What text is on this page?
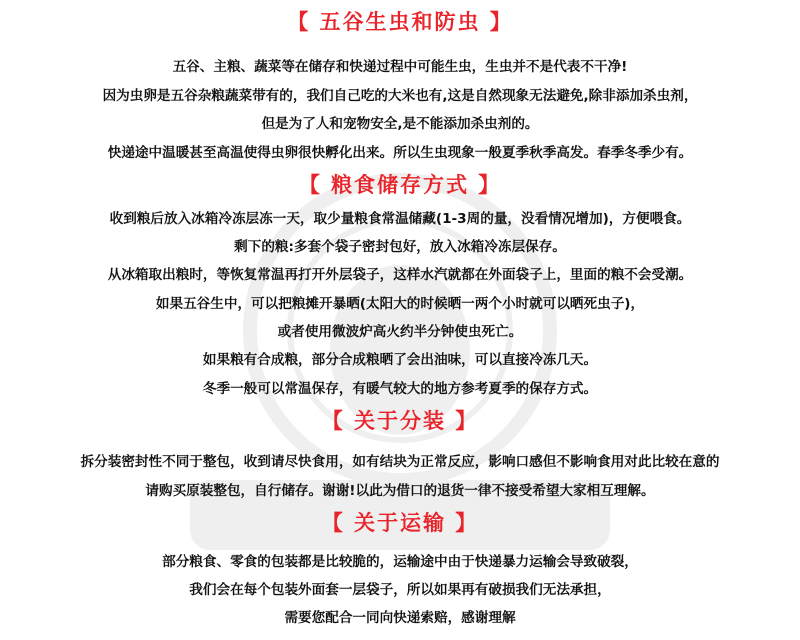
【 五谷生虫和防虫 】
五谷、主粮、蔬菜等在储存和快递过程中可能生虫，生虫并不是代表不干净!
因为虫卵是五谷杂粮蔬菜带有的，我们自己吃的大米也有,这是自然现象无法避免,除非添加杀虫剂，
但是为了人和宠物安全,是不能添加杀虫剂的。
快递途中温暖甚至高温使得虫卵很快孵化出来。所以生虫现象一般夏季秋季高发。春季冬季少有。
【 粮食储存方式 】
收到粮后放入冰箱冷冻层冻一天，取少量粮食常温储藏(1-3周的量，没看情况增加)，方便喂食。
剩下的粮:多套个袋子密封包好，放入冰箱冷冻层保存。
从冰箱取出粮时，等恢复常温再打开外层袋子，这样水汽就都在外面袋子上，里面的粮不会受潮。
如果五谷生中，可以把粮摊开暴晒(太阳大的时候晒一两个小时就可以晒死虫子)，
或者使用微波炉高火约半分钟使虫死亡。
如果粮有合成粮，部分合成粮晒了会出油味，可以直接冷冻几天。
冬季一般可以常温保存，有暖气较大的地方参考夏季的保存方式。
【 关于分装 】
拆分装密封性不同于整包，收到请尽快食用，如有结块为正常反应，影响口感但不影响食用对此比较在意的
请购买原装整包，自行储存。谢谢!以此为借口的退货一律不接受希望大家相互理解。
【 关于运输 】
部分粮食、零食的包装都是比较脆的，运输途中由于快递暴力运输会导致破裂，
我们会在每个包装外面套一层袋子，所以如果再有破损我们无法承担，
需要您配合一同向快递索赔，感谢理解
